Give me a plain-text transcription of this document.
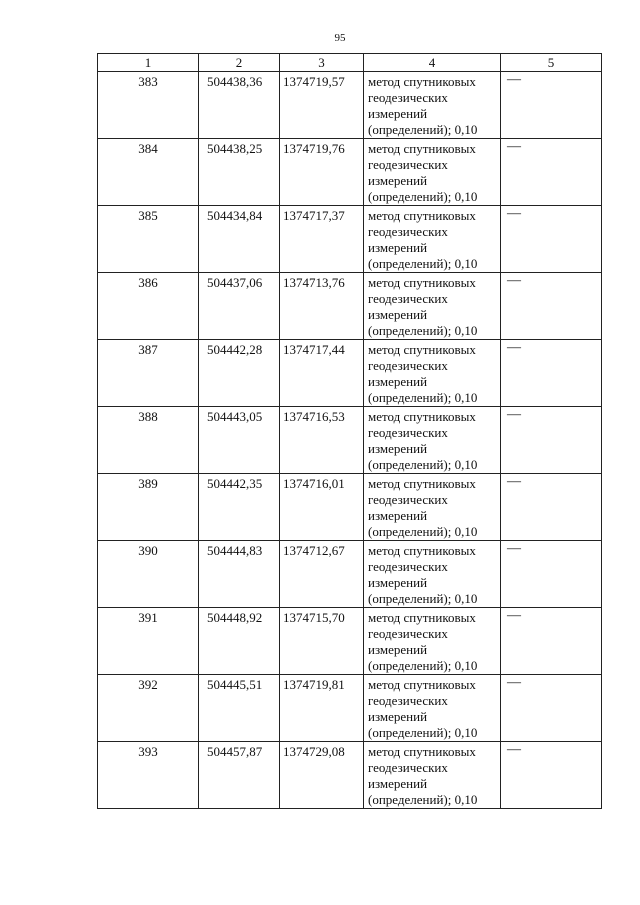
95
1	2	3	4	5
383	504438,36	1374719,57	метод спутниковых
геодезических
измерений
(определений); 0,10	—
384	504438,25	1374719,76	метод спутниковых
геодезических
измерений
(определений); 0,10	—
385	504434,84	1374717,37	метод спутниковых
геодезических
измерений
(определений); 0,10	—
386	504437,06	1374713,76	метод спутниковых
геодезических
измерений
(определений); 0,10	—
387	504442,28	1374717,44	метод спутниковых
геодезических
измерений
(определений); 0,10	—
388	504443,05	1374716,53	метод спутниковых
геодезических
измерений
(определений); 0,10	—
389	504442,35	1374716,01	метод спутниковых
геодезических
измерений
(определений); 0,10	—
390	504444,83	1374712,67	метод спутниковых
геодезических
измерений
(определений); 0,10	—
391	504448,92	1374715,70	метод спутниковых
геодезических
измерений
(определений); 0,10	—
392	504445,51	1374719,81	метод спутниковых
геодезических
измерений
(определений); 0,10	—
393	504457,87	1374729,08	метод спутниковых
геодезических
измерений
(определений); 0,10	—
